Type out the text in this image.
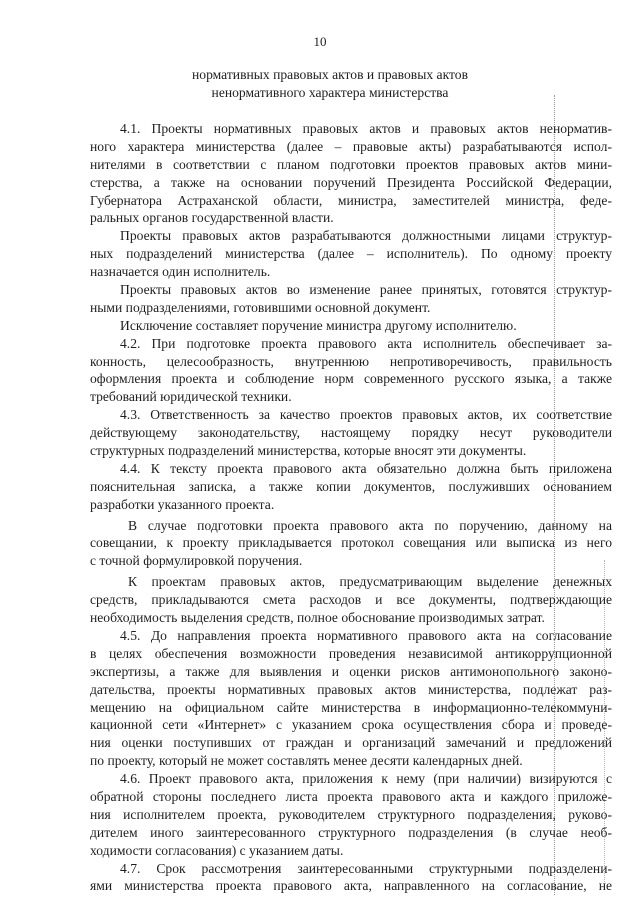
10
нормативных правовых актов и правовых актов
ненормативного характера министерства
4.1. Проекты нормативных правовых актов и правовых актов ненорматив-
ного характера министерства (далее – правовые акты) разрабатываются испол-
нителями в соответствии с планом подготовки проектов правовых актов мини-
стерства, а также на основании поручений Президента Российской Федерации,
Губернатора Астраханской области, министра, заместителей министра, феде-
ральных органов государственной власти.
Проекты правовых актов разрабатываются должностными лицами структур-
ных подразделений министерства (далее – исполнитель). По одному проекту
назначается один исполнитель.
Проекты правовых актов во изменение ранее принятых, готовятся структур-
ными подразделениями, готовившими основной документ.
Исключение составляет поручение министра другому исполнителю.
4.2. При подготовке проекта правового акта исполнитель обеспечивает за-
конность, целесообразность, внутреннюю непротиворечивость, правильность
оформления проекта и соблюдение норм современного русского языка, а также
требований юридической техники.
4.3. Ответственность за качество проектов правовых актов, их соответствие
действующему законодательству, настоящему порядку несут руководители
структурных подразделений министерства, которые вносят эти документы.
4.4. К тексту проекта правового акта обязательно должна быть приложена
пояснительная записка, а также копии документов, послуживших основанием
разработки указанного проекта.
В случае подготовки проекта правового акта по поручению, данному на
совещании, к проекту прикладывается протокол совещания или выписка из него
с точной формулировкой поручения.
К проектам правовых актов, предусматривающим выделение денежных
средств, прикладываются смета расходов и все документы, подтверждающие
необходимость выделения средств, полное обоснование производимых затрат.
4.5. До направления проекта нормативного правового акта на согласование
в целях обеспечения возможности проведения независимой антикоррупционной
экспертизы, а также для выявления и оценки рисков антимонопольного законо-
дательства, проекты нормативных правовых актов министерства, подлежат раз-
мещению на официальном сайте министерства в информационно-телекоммуни-
кационной сети «Интернет» с указанием срока осуществления сбора и проведе-
ния оценки поступивших от граждан и организаций замечаний и предложений
по проекту, который не может составлять менее десяти календарных дней.
4.6. Проект правового акта, приложения к нему (при наличии) визируются с
обратной стороны последнего листа проекта правового акта и каждого приложе-
ния исполнителем проекта, руководителем структурного подразделения, руково-
дителем иного заинтересованного структурного подразделения (в случае необ-
ходимости согласования) с указанием даты.
4.7. Срок рассмотрения заинтересованными структурными подразделени-
ями министерства проекта правового акта, направленного на согласование, не
